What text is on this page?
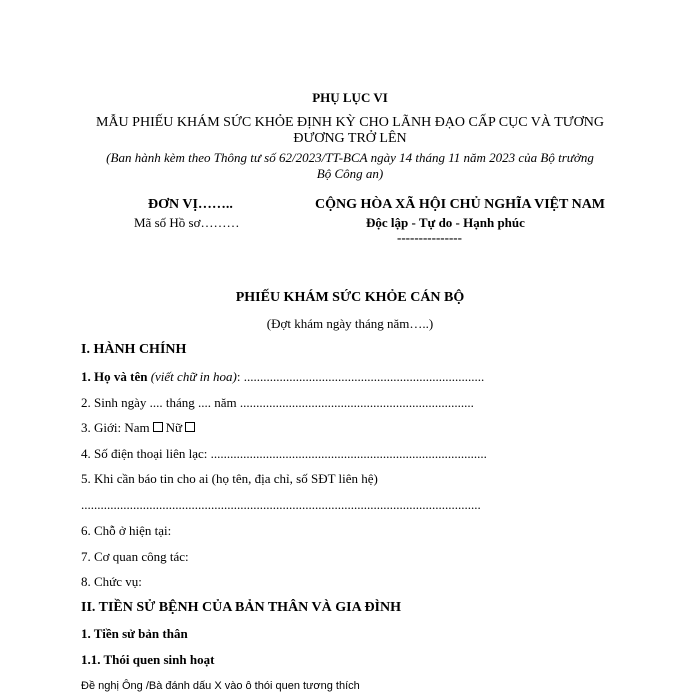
PHỤ LỤC VI
MẪU PHIẾU KHÁM SỨC KHỎE ĐỊNH KỲ CHO LÃNH ĐẠO CẤP CỤC VÀ TƯƠNG
ĐƯƠNG TRỞ LÊN
(Ban hành kèm theo Thông tư số 62/2023/TT-BCA ngày 14 tháng 11 năm 2023 của Bộ trưởng
Bộ Công an)
ĐƠN VỊ……..
Mã số Hồ sơ………
CỘNG HÒA XÃ HỘI CHỦ NGHĨA VIỆT NAM
Độc lập - Tự do - Hạnh phúc
---------------
PHIẾU KHÁM SỨC KHỎE CÁN BỘ
(Đợt khám ngày tháng năm…..)
I. HÀNH CHÍNH
1. Họ và tên (viết chữ in hoa): ..........................................................................
2. Sinh ngày .... tháng .... năm ........................................................................
3. Giới: Nam Nữ
4. Số điện thoại liên lạc: .....................................................................................
5. Khi cần báo tin cho ai (họ tên, địa chỉ, số SĐT liên hệ)
...........................................................................................................................
6. Chỗ ở hiện tại:
7. Cơ quan công tác:
8. Chức vụ:
II. TIỀN SỬ BỆNH CỦA BẢN THÂN VÀ GIA ĐÌNH
1. Tiền sử bản thân
1.1. Thói quen sinh hoạt
Đề nghị Ông /Bà đánh dấu X vào ô thói quen tương thích
